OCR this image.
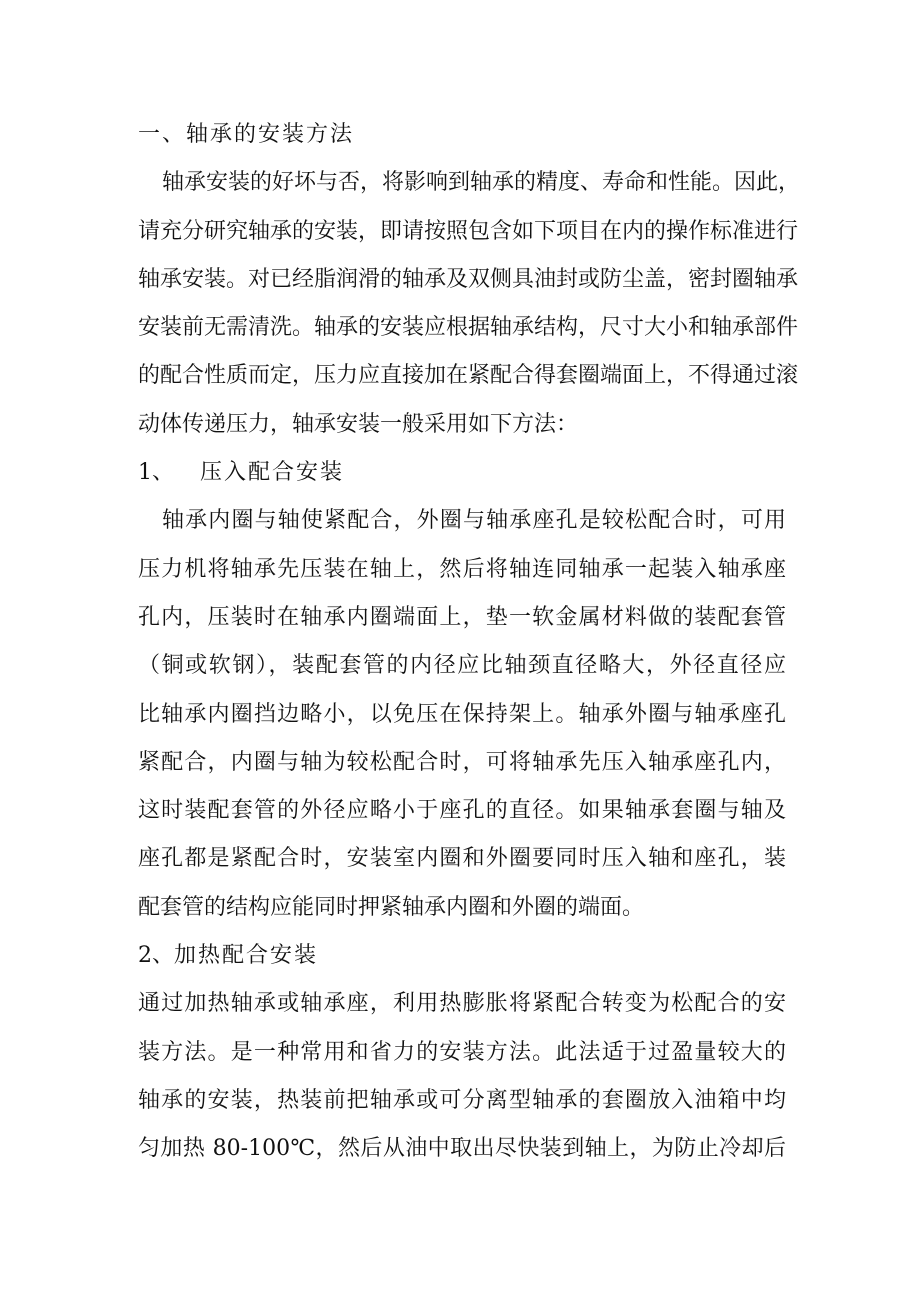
一、轴承的安装方法
轴承安装的好坏与否，将影响到轴承的精度、寿命和性能。因此，
请充分研究轴承的安装，即请按照包含如下项目在内的操作标准进行
轴承安装。对已经脂润滑的轴承及双侧具油封或防尘盖，密封圈轴承
安装前无需清洗。轴承的安装应根据轴承结构，尺寸大小和轴承部件
的配合性质而定，压力应直接加在紧配合得套圈端面上，不得通过滚
动体传递压力，轴承安装一般采用如下方法：
1、 压入配合安装
轴承内圈与轴使紧配合，外圈与轴承座孔是较松配合时，可用
压力机将轴承先压装在轴上，然后将轴连同轴承一起装入轴承座
孔内，压装时在轴承内圈端面上，垫一软金属材料做的装配套管
（铜或软钢），装配套管的内径应比轴颈直径略大，外径直径应
比轴承内圈挡边略小，以免压在保持架上。轴承外圈与轴承座孔
紧配合，内圈与轴为较松配合时，可将轴承先压入轴承座孔内，
这时装配套管的外径应略小于座孔的直径。如果轴承套圈与轴及
座孔都是紧配合时，安装室内圈和外圈要同时压入轴和座孔，装
配套管的结构应能同时押紧轴承内圈和外圈的端面。
2、加热配合安装
通过加热轴承或轴承座，利用热膨胀将紧配合转变为松配合的安
装方法。是一种常用和省力的安装方法。此法适于过盈量较大的
轴承的安装，热装前把轴承或可分离型轴承的套圈放入油箱中均
匀加热 80-100℃，然后从油中取出尽快装到轴上，为防止冷却后
